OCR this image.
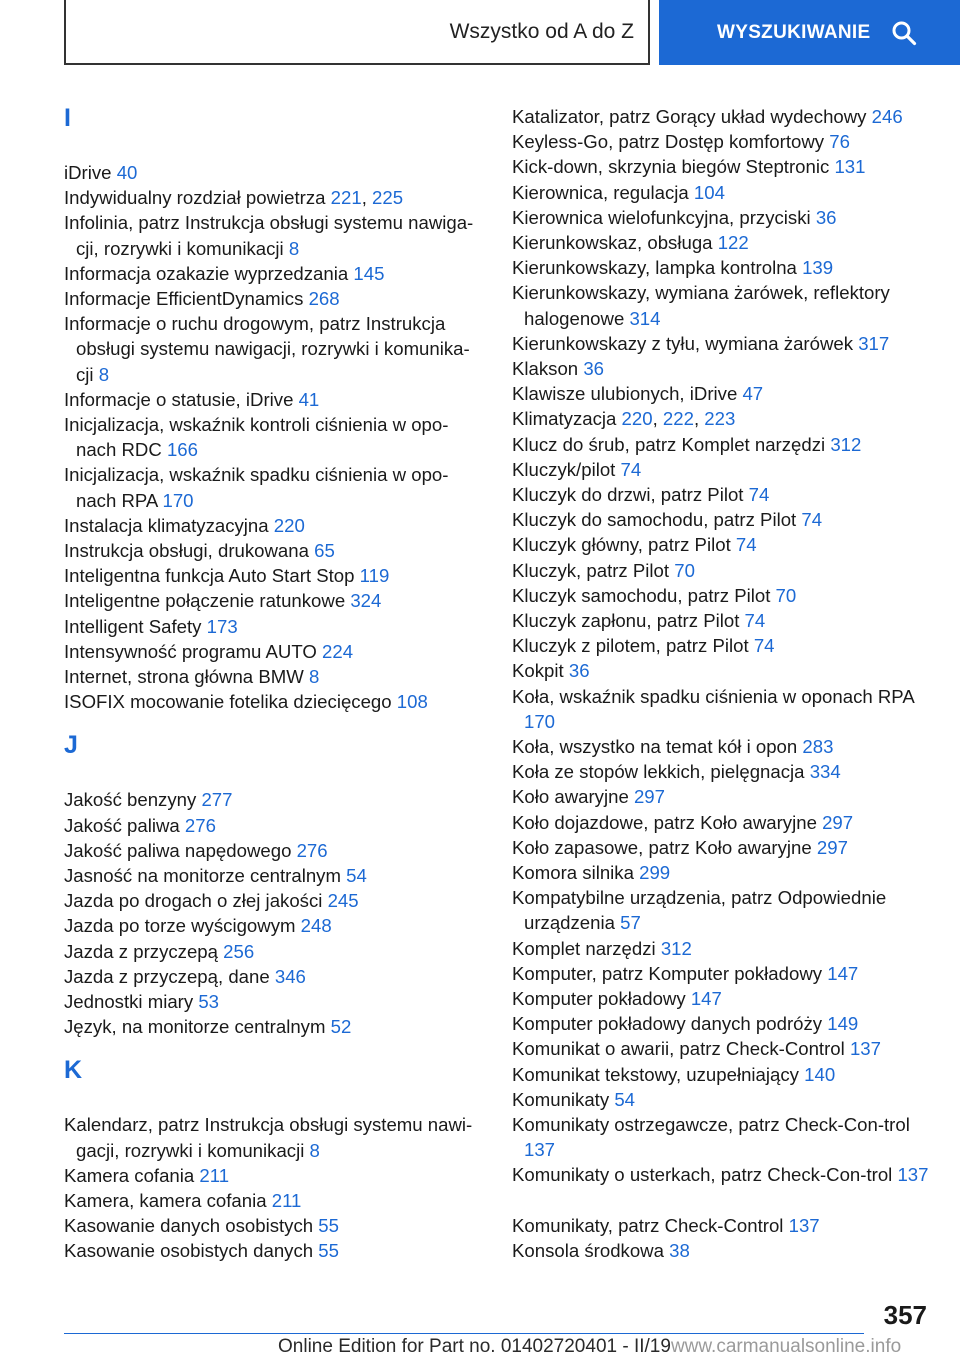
Wszystko od A do Z	WYSZUKIWANIE
I
iDrive 40
Indywidualny rozdział powietrza 221, 225
Infolinia, patrz Instrukcja obsługi systemu nawiga-cji, rozrywki i komunikacji 8
Informacja ozakazie wyprzedzania 145
Informacje EfficientDynamics 268
Informacje o ruchu drogowym, patrz Instrukcja obsługi systemu nawigacji, rozrywki i komunika-cji 8
Informacje o statusie, iDrive 41
Inicjalizacja, wskaźnik kontroli ciśnienia w opo-nach RDC 166
Inicjalizacja, wskaźnik spadku ciśnienia w opo-nach RPA 170
Instalacja klimatyzacyjna 220
Instrukcja obsługi, drukowana 65
Inteligentna funkcja Auto Start Stop 119
Inteligentne połączenie ratunkowe 324
Intelligent Safety 173
Intensywność programu AUTO 224
Internet, strona główna BMW 8
ISOFIX mocowanie fotelika dziecięcego 108
J
Jakość benzyny 277
Jakość paliwa 276
Jakość paliwa napędowego 276
Jasność na monitorze centralnym 54
Jazda po drogach o złej jakości 245
Jazda po torze wyścigowym 248
Jazda z przyczepą 256
Jazda z przyczepą, dane 346
Jednostki miary 53
Język, na monitorze centralnym 52
K
Kalendarz, patrz Instrukcja obsługi systemu nawi-gacji, rozrywki i komunikacji 8
Kamera cofania 211
Kamera, kamera cofania 211
Kasowanie danych osobistych 55
Kasowanie osobistych danych 55
Katalizator, patrz Gorący układ wydechowy 246
Keyless-Go, patrz Dostęp komfortowy 76
Kick-down, skrzynia biegów Steptronic 131
Kierownica, regulacja 104
Kierownica wielofunkcyjna, przyciski 36
Kierunkowskaz, obsługa 122
Kierunkowskazy, lampka kontrolna 139
Kierunkowskazy, wymiana żarówek, reflektory halogenowe 314
Kierunkowskazy z tyłu, wymiana żarówek 317
Klakson 36
Klawisze ulubionych, iDrive 47
Klimatyzacja 220, 222, 223
Klucz do śrub, patrz Komplet narzędzi 312
Kluczyk/pilot 74
Kluczyk do drzwi, patrz Pilot 74
Kluczyk do samochodu, patrz Pilot 74
Kluczyk główny, patrz Pilot 74
Kluczyk, patrz Pilot 70
Kluczyk samochodu, patrz Pilot 70
Kluczyk zapłonu, patrz Pilot 74
Kluczyk z pilotem, patrz Pilot 74
Kokpit 36
Koła, wskaźnik spadku ciśnienia w oponach RPA 170
Koła, wszystko na temat kół i opon 283
Koła ze stopów lekkich, pielęgnacja 334
Koło awaryjne 297
Koło dojazdowe, patrz Koło awaryjne 297
Koło zapasowe, patrz Koło awaryjne 297
Komora silnika 299
Kompatybilne urządzenia, patrz Odpowiednie urządzenia 57
Komplet narzędzi 312
Komputer, patrz Komputer pokładowy 147
Komputer pokładowy 147
Komputer pokładowy danych podróży 149
Komunikat o awarii, patrz Check-Control 137
Komunikat tekstowy, uzupełniający 140
Komunikaty 54
Komunikaty ostrzegawcze, patrz Check-Con-trol 137
Komunikaty o usterkach, patrz Check-Con-trol 137
Komunikaty, patrz Check-Control 137
Konsola środkowa 38
357
Online Edition for Part no. 01402720401 - II/19www.carmanualsonline.info
